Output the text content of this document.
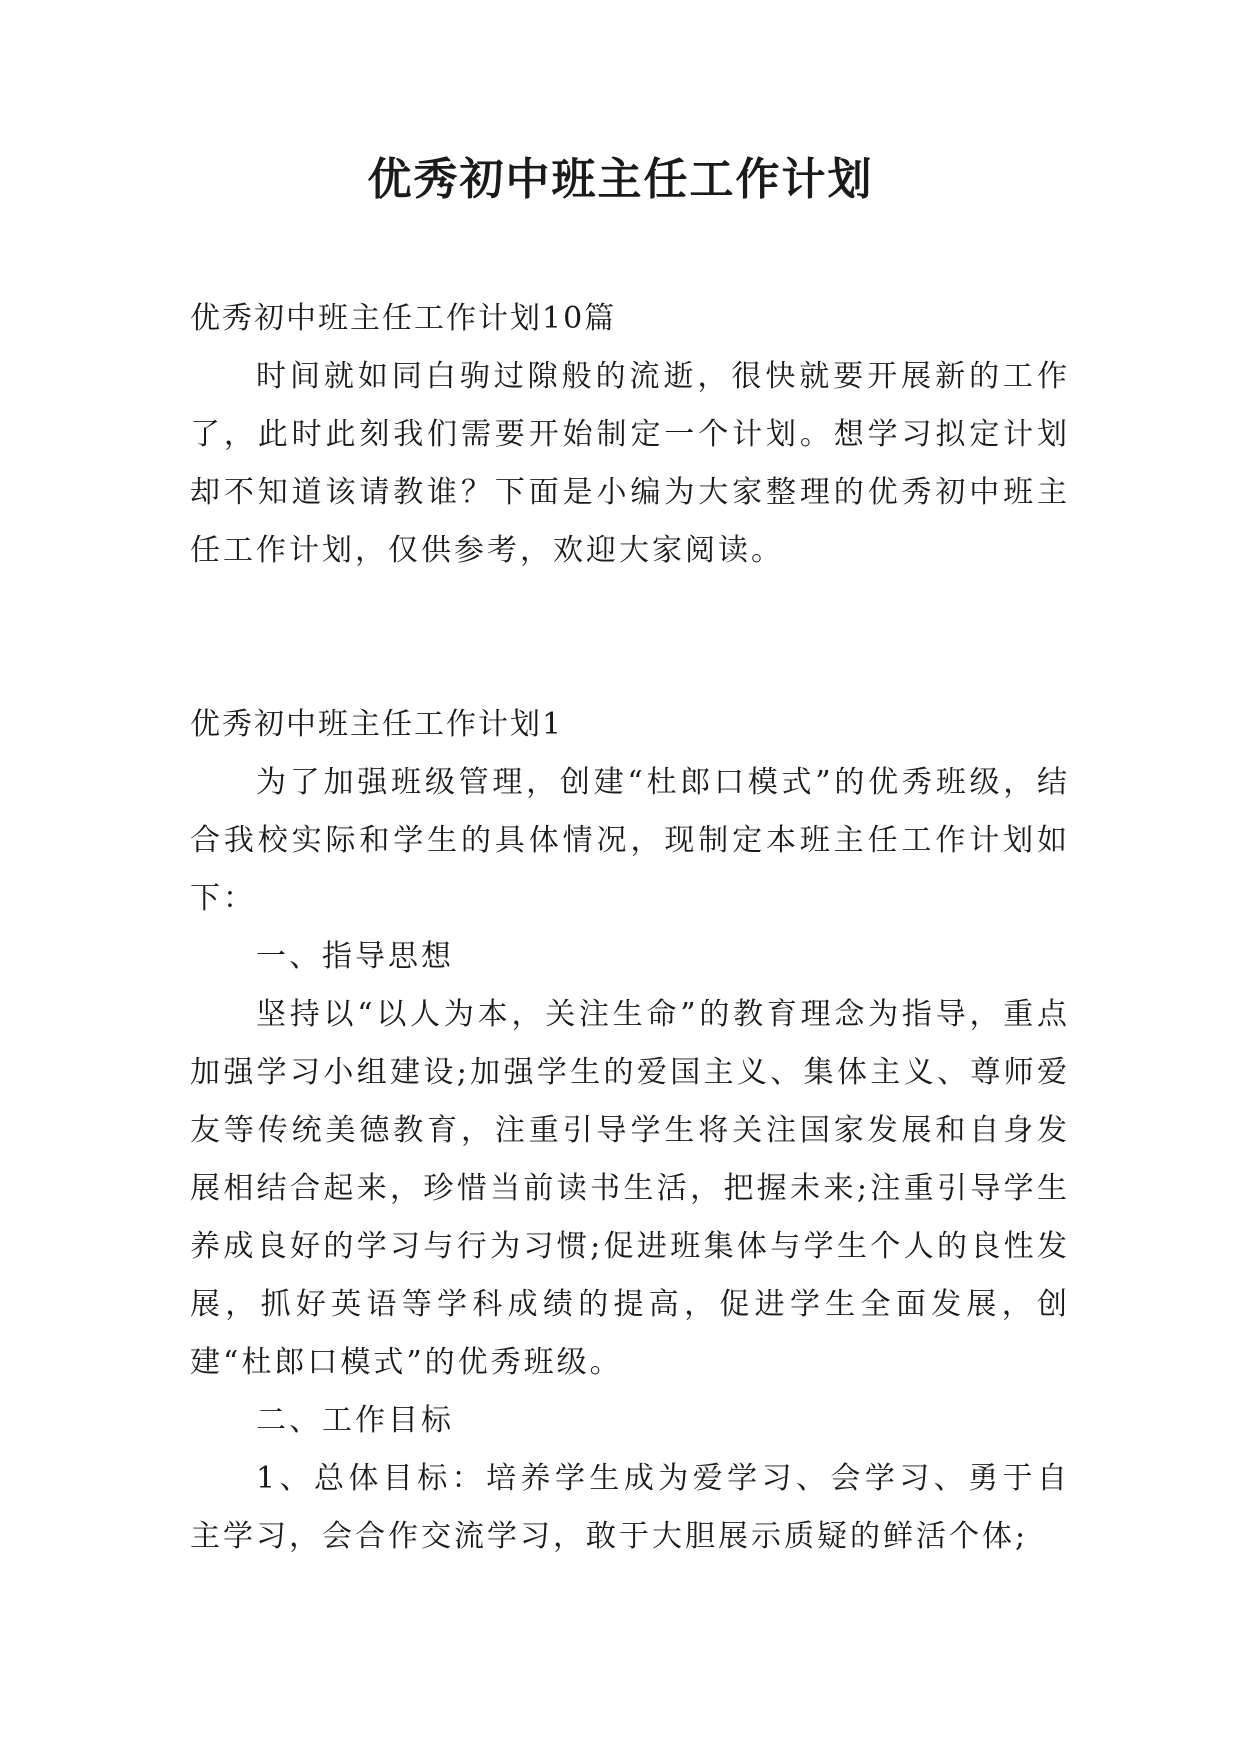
优秀初中班主任工作计划

优秀初中班主任工作计划10篇

时间就如同白驹过隙般的流逝，很快就要开展新的工作了，此时此刻我们需要开始制定一个计划。想学习拟定计划却不知道该请教谁？下面是小编为大家整理的优秀初中班主任工作计划，仅供参考，欢迎大家阅读。

优秀初中班主任工作计划1

为了加强班级管理，创建“杜郎口模式”的优秀班级，结合我校实际和学生的具体情况，现制定本班主任工作计划如下：

一、指导思想

坚持以“以人为本，关注生命”的教育理念为指导，重点加强学习小组建设;加强学生的爱国主义、集体主义、尊师爱友等传统美德教育，注重引导学生将关注国家发展和自身发展相结合起来，珍惜当前读书生活，把握未来;注重引导学生养成良好的学习与行为习惯;促进班集体与学生个人的良性发展，抓好英语等学科成绩的提高，促进学生全面发展，创建“杜郎口模式”的优秀班级。

二、工作目标

1、总体目标：培养学生成为爱学习、会学习、勇于自主学习，会合作交流学习，敢于大胆展示质疑的鲜活个体;
